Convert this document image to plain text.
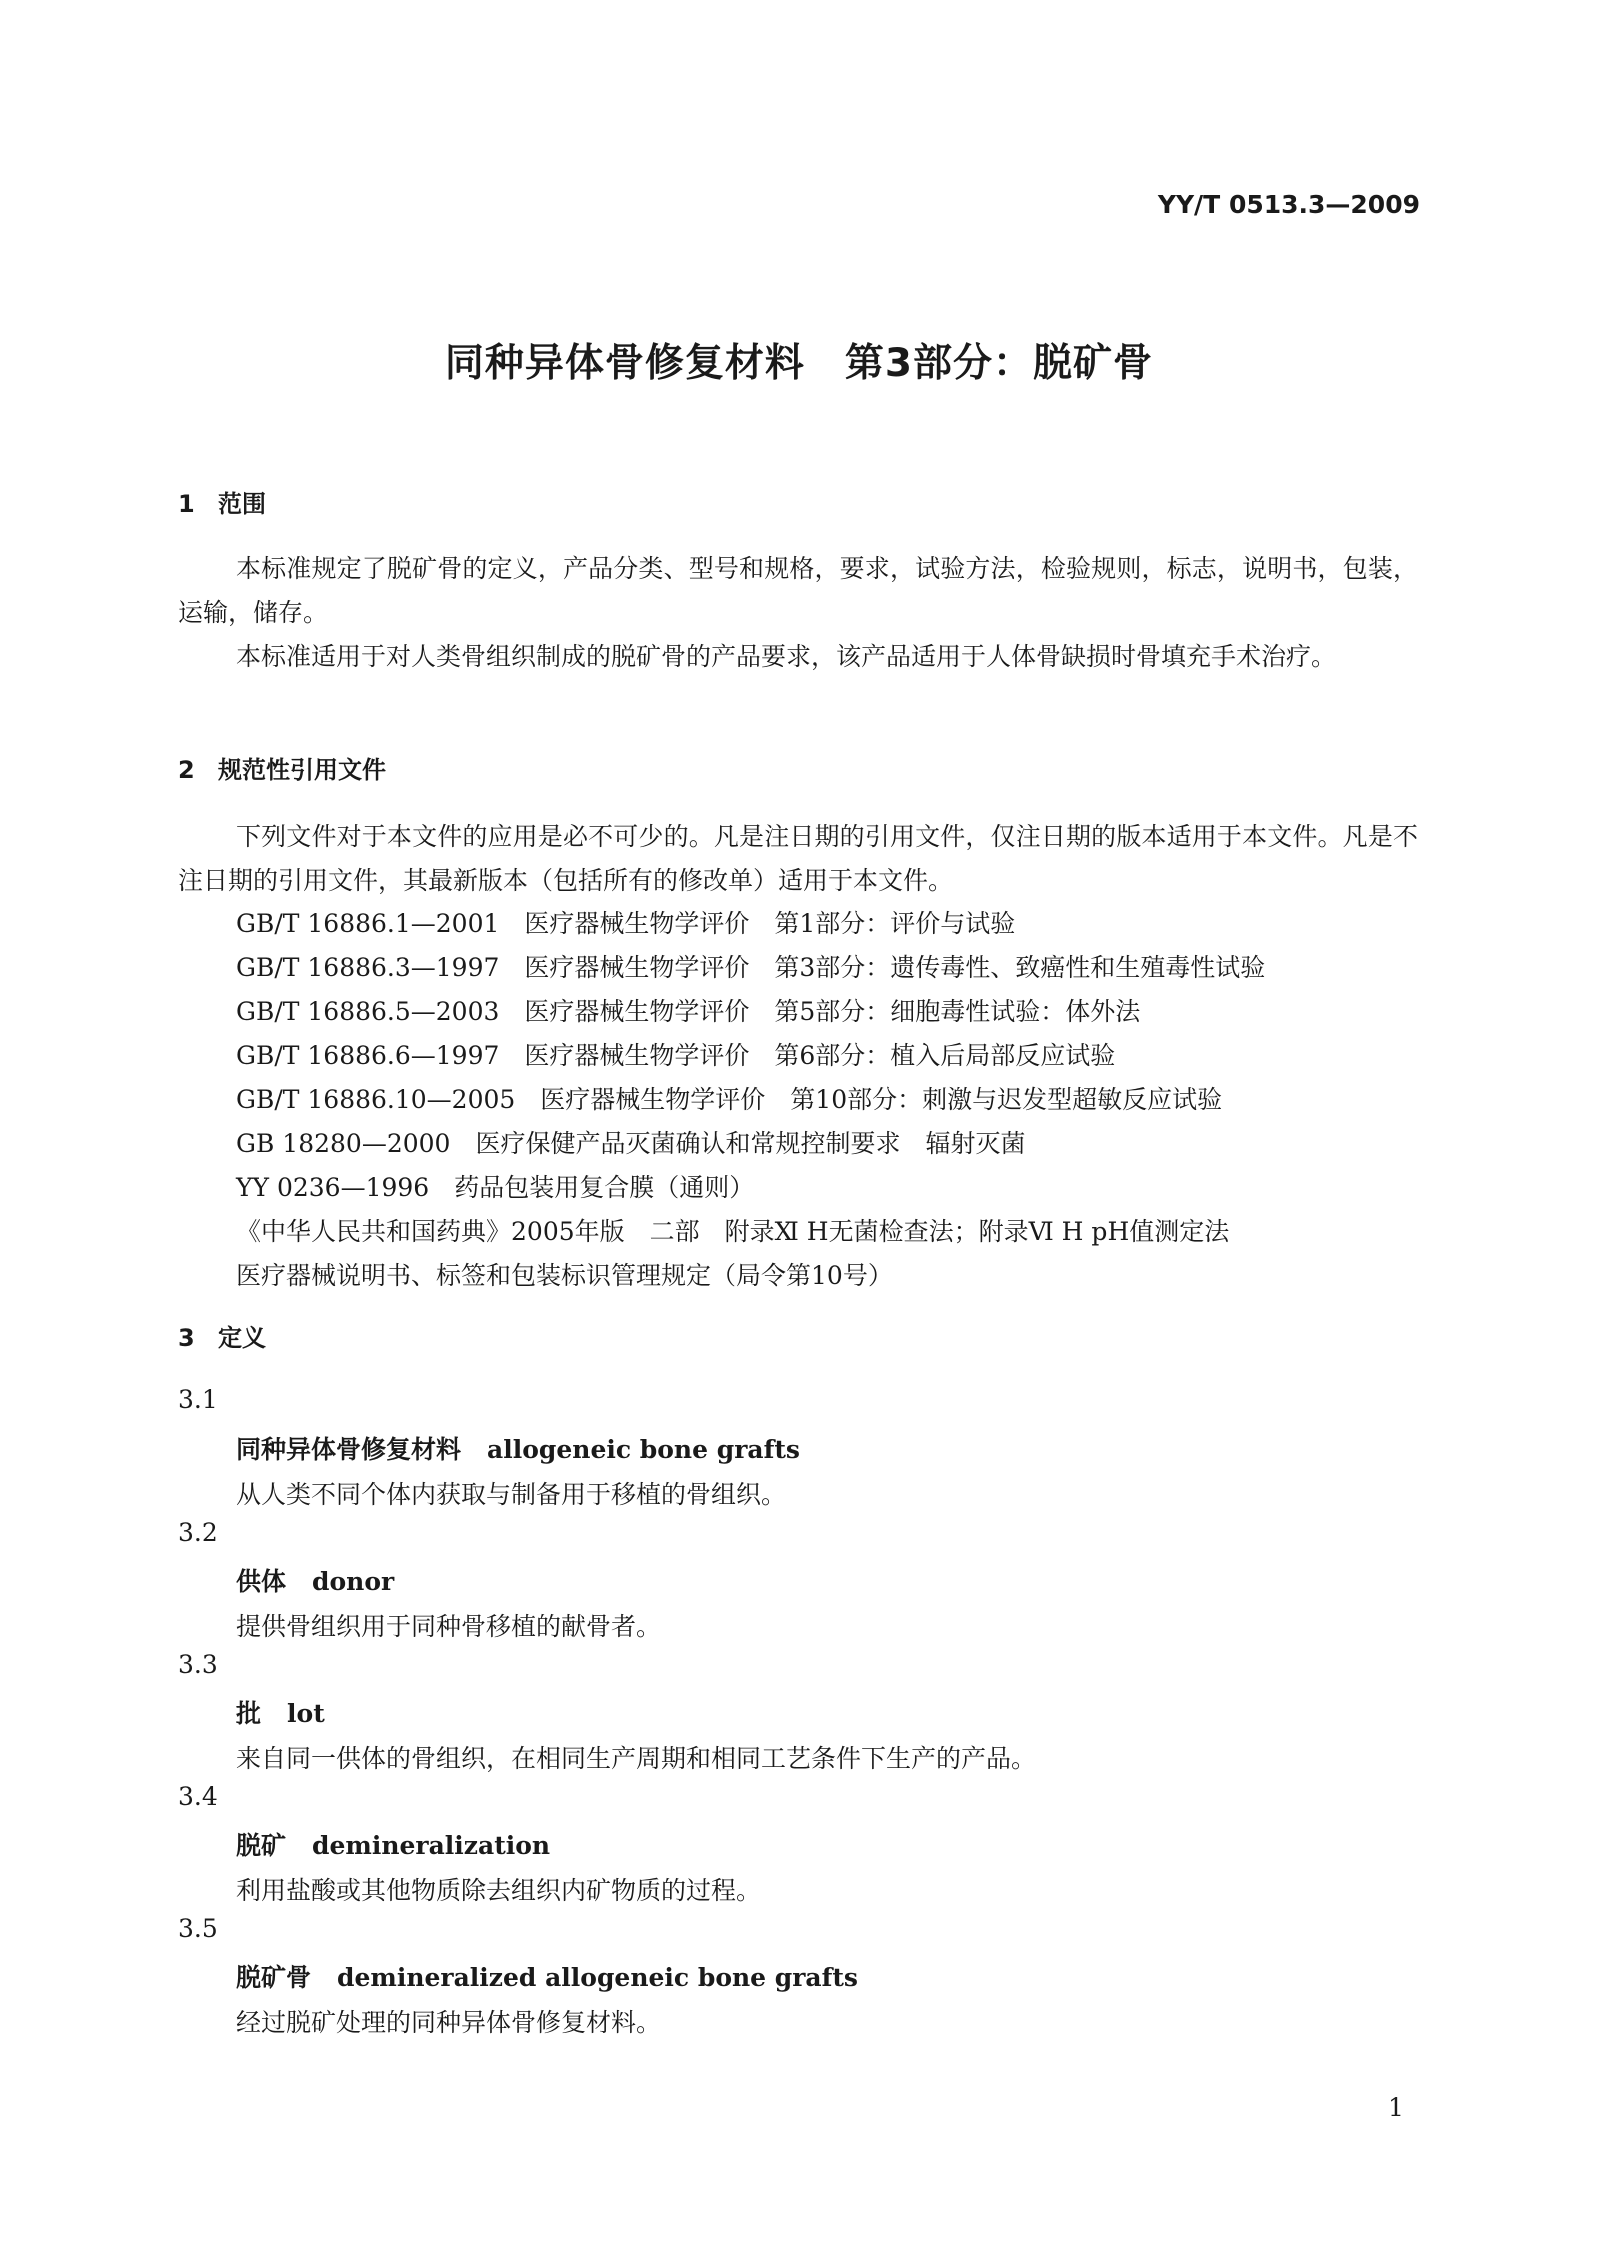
YY/T 0513.3—2009
同种异体骨修复材料　第3部分：脱矿骨
1 范围

本标准规定了脱矿骨的定义，产品分类、型号和规格，要求，试验方法，检验规则，标志，说明书，包装，运输，储存。

本标准适用于对人类骨组织制成的脱矿骨的产品要求，该产品适用于人体骨缺损时骨填充手术治疗。

2 规范性引用文件

下列文件对于本文件的应用是必不可少的。凡是注日期的引用文件，仅注日期的版本适用于本文件。凡是不注日期的引用文件，其最新版本（包括所有的修改单）适用于本文件。

GB/T 16886.1—2001　医疗器械生物学评价　第1部分：评价与试验
GB/T 16886.3—1997　医疗器械生物学评价　第3部分：遗传毒性、致癌性和生殖毒性试验
GB/T 16886.5—2003　医疗器械生物学评价　第5部分：细胞毒性试验：体外法
GB/T 16886.6—1997　医疗器械生物学评价　第6部分：植入后局部反应试验
GB/T 16886.10—2005　医疗器械生物学评价　第10部分：刺激与迟发型超敏反应试验
GB 18280—2000　医疗保健产品灭菌确认和常规控制要求　辐射灭菌
YY 0236—1996　药品包装用复合膜（通则）
《中华人民共和国药典》2005年版　二部　附录Ⅺ H无菌检查法；附录Ⅵ H pH值测定法
医疗器械说明书、标签和包装标识管理规定（局令第10号）
3 定义
3.1
同种异体骨修复材料 allogeneic bone grafts
从人类不同个体内获取与制备用于移植的骨组织。
3.2
供体 donor
提供骨组织用于同种骨移植的献骨者。
3.3
批 lot
来自同一供体的骨组织，在相同生产周期和相同工艺条件下生产的产品。
3.4
脱矿 demineralization
利用盐酸或其他物质除去组织内矿物质的过程。
3.5
脱矿骨 demineralized allogeneic bone grafts
经过脱矿处理的同种异体骨修复材料。
1
